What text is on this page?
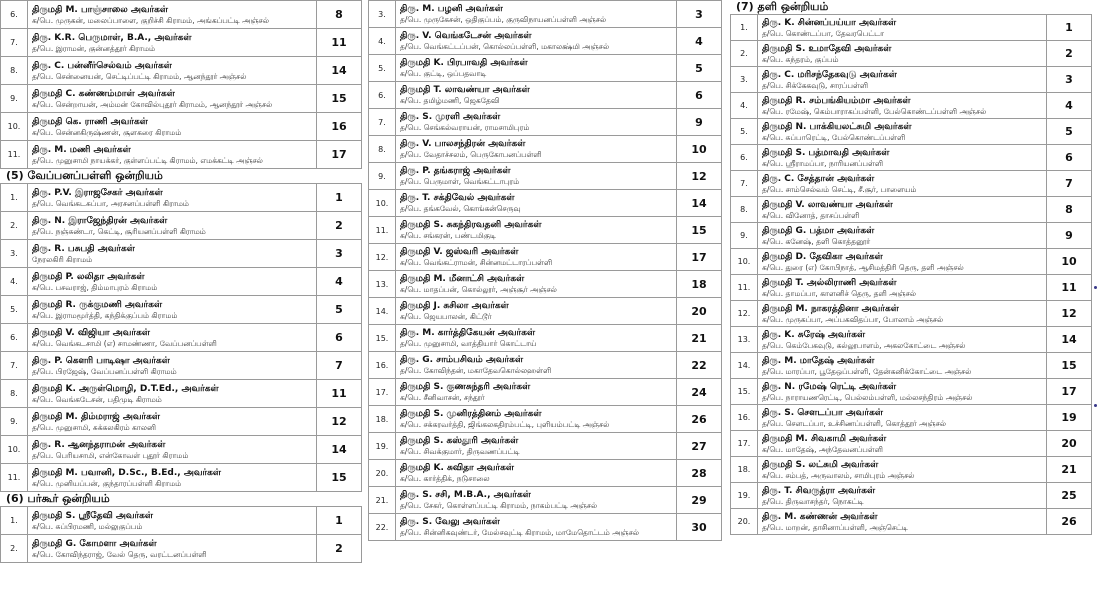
6.	திருமதி M. பாஞ்சாலை அவர்கள்
க/பெ. முருகன், மலைப்பாளை, குறிச்சி கிராமம், அங்கப்பட்டி அஞ்சல்	8
7.	திரு. K.R. பெருமாள், B.A., அவர்கள்
த/பெ. இராமன், குன்னத்தூர் கிராமம்	11
8.	திரு. C. பன்னீர்செல்வம் அவர்கள்
த/பெ. சென்னையன், செட்டிப்பட்டி கிராமம், ஆனந்தூர் அஞ்சல்	14
9.	திருமதி C. கண்ணம்மாள் அவர்கள்
க/பெ. சென்றாயன், அம்மன் கோவில்புதூர் கிராமம், ஆனந்தூர் அஞ்சல்	15
10.	திருமதி கெ. ராணி அவர்கள்
க/பெ. சென்னகிருஷ்ணன், சூளகரை கிராமம்	16
11.	திரு. M. மணி அவர்கள்
த/பெ. முனுசாமி நாயக்கர், குள்ளப்பட்டி கிராமம், எமக்கட்டி அஞ்சல்	17
(5) வேப்பனப்பள்ளி ஒன்றியம்
1.	திரு. P.V. இராஜசேகர் அவர்கள்
த/பெ. வெங்கடசுப்பா, அரசனப்பள்ளி கிராமம்	1
2.	திரு. N. இராஜேந்திரன் அவர்கள்
த/பெ. நஞ்சுண்டா, கெட்டி, சூரியனப்பள்ளி கிராமம்	2
3.	திரு. R. பசுபதி அவர்கள்
நேரலகிரி கிராமம்	3
4.	திருமதி P. லலிதா அவர்கள்
க/பெ. பசவராஜ், திம்மாபுரம் கிராமம்	4
5.	திருமதி R. ருக்குமணி அவர்கள்
க/பெ. இராமமூர்த்தி, கந்திக்குப்பம் கிராமம்	5
6.	திருமதி V. விஜியா அவர்கள்
க/பெ. வெங்கடசாமி (எ) சாமண்ணா, வேப்பனப்பள்ளி	6
7.	திரு. P. கௌரி பாடிஷா அவர்கள்
த/பெ. பிரஜேஷ், வேப்பனப்பள்ளி கிராமம்	7
8.	திருமதி K. அருள்மொழி, D.T.Ed., அவர்கள்
க/பெ. வெங்கடேசன், பதிமுடி கிராமம்	11
9.	திருமதி M. திம்மராஜ் அவர்கள்
த/பெ. முனுசாமி, சுக்கலகிரம் காலனி	12
10.	திரு. R. ஆனந்தராமன் அவர்கள்
த/பெ. பெரியசாமி, என்கோவள் புதூர் கிராமம்	14
11.	திருமதி M. பவானி, D.Sc., B.Ed., அவர்கள்
க/பெ. முனியப்பன், குந்தாரப்பள்ளி கிராமம்	15
(6) பர்கூர் ஒன்றியம்
1.	திருமதி S. ஸ்ரீதேவி அவர்கள்
க/பெ. சுப்பிரமணி, மல்லுகுப்பம்	1
2.	திருமதி G. கோமளா அவர்கள்
க/பெ. கோவிந்தராஜ், வேல் தெரு, வரட்டனப்பள்ளி	2
3.	திரு. M. பழனி அவர்கள்
த/பெ. முருகேசன், ஒதிகுப்பம், குருவிநாயனப்பள்ளி அஞ்சல்	3
4.	திரு. V. வெங்கடேசன் அவர்கள்
த/பெ. வெங்கட்டப்பன், கொல்லப்பள்ளி, மகாலக்ஷ்மி அஞ்சல்	4
5.	திருமதி K. பிரபாவதி அவர்கள்
க/பெ. குட்டி, ஒப்பதவாடி	5
6.	திருமதி T. லாவண்யா அவர்கள்
க/பெ. தமிழ்மணி, ஜெகதேவி	6
7.	திரு. S. முரளி அவர்கள்
த/பெ. செங்கல்வராயன், ராமசாமிபுரம்	9
8.	திரு. V. பாலசந்திரன் அவர்கள்
த/பெ. வேதாச்சலம், பெருகோபனப்பள்ளி	10
9.	திரு. P. தங்கராஜ் அவர்கள்
த/பெ. பெருமாள், வெங்கட்டாபுரம்	12
10.	திரு. T. சக்திவேல் அவர்கள்
த/பெ. தங்கவேல், கொங்கன்செருவு	14
11.	திருமதி S. சுகந்திரவதனி அவர்கள்
க/பெ. சங்கரன், பண்டமிகுடி	15
12.	திருமதி V. ஜஸ்வரி அவர்கள்
க/பெ. வெங்கட்ராமன், சின்னமட்டாரப்பள்ளி	17
13.	திருமதி M. மீனாட்சி அவர்கள்
க/பெ. மாதப்பன், கொல்லூர், அஞ்சூர் அஞ்சல்	18
14.	திருமதி J. சுசிலா அவர்கள்
க/பெ. ஜெயபாலன், கிட்டூர்	20
15.	திரு. M. கார்த்திகேயன் அவர்கள்
த/பெ. முனுசாமி, வாத்தியார் கொட்டாய்	21
16.	திரு. G. சாம்பசிவம் அவர்கள்
த/பெ. கோவிந்தன், மகாதேவகொல்லஹள்ளி	22
17.	திருமதி S. குணசுந்தரி அவர்கள்
க/பெ. சீனிவாசன், சந்தூர்	24
18.	திருமதி S. முனிரத்தினம் அவர்கள்
க/பெ. சக்கரவர்த்தி, ஜிங்கலகதிரம்பட்டி, புளியம்பட்டி அஞ்சல்	26
19.	திருமதி S. கஸ்தூரி அவர்கள்
க/பெ. சிவக்குமார், திருவணப்பட்டி	27
20.	திருமதி K. சுவிதா அவர்கள்
க/பெ. கார்த்திக், நடுசாலை	28
21.	திரு. S. சசி, M.B.A., அவர்கள்
த/பெ. சேகர், கொள்ளப்பட்டி கிராமம், நாகம்பட்டி அஞ்சல்	29
22.	திரு. S. வேலு அவர்கள்
த/பெ. சின்னிகவுண்டர், மேல்சவுட்டி கிராமம், மாமேதொட்டம் அஞ்சல்	30
(7) தளி ஒன்றியம்
1.	திரு. K. சின்னப்பய்யா அவர்கள்
த/பெ. கொண்டப்பா, தேவரபெட்டா	1
2.	திருமதி S. உமாதேவி அவர்கள்
க/பெ. சுந்தரம், குப்பம்	2
3.	திரு. C. மரிசந்தேகவுடு அவர்கள்
த/பெ. சிக்கேகவுடு, சாரப்பள்ளி	3
4.	திருமதி R. சம்பங்கியம்மா அவர்கள்
க/பெ. ரமேஷ், கெம்பாராகப்பள்ளி, பேல்கொண்டப்பள்ளி அஞ்சல்	4
5.	திருமதி N. பாக்கியலட்சுமி அவர்கள்
க/பெ. சுப்பாரெட்டி, பேல்கொண்டப்பள்ளி	5
6.	திருமதி S. பத்மாவதி அவர்கள்
க/பெ. ஸ்ரீராமப்பா, நாரியனப்பள்ளி	6
7.	திரு. C. சேத்தான் அவர்கள்
த/பெ. சாம்செல்வம் செட்டி, சீ.சூர், பாளையம்	7
8.	திருமதி V. லாவண்யா அவர்கள்
க/பெ. வினோத், தாசப்பள்ளி	8
9.	திருமதி G. பத்மா அவர்கள்
க/பெ. கனேஷ், தளி கொத்தனூர்	9
10.	திருமதி D. தேவிகா அவர்கள்
க/பெ. துரை (எ) கோபிநாத், ஆசிமத்திரி தெரு, தளி அஞ்சல்	10
11.	திருமதி T. அல்லிராணி அவர்கள்
க/பெ. தாமப்பா, காளனிச் தெரு, தளி அஞ்சல்	11
12.	திருமதி M. நாகரத்தினா அவர்கள்
க/பெ. முருகப்பா, அப்பகவிதப்பா, போலாம் அஞ்சல்	12
13.	திரு. K. சுரேஷ் அவர்கள்
த/பெ. கெம்பேகவுடு, கல்லூபாளம், அகலகோட்டை அஞ்சல்	14
14.	திரு. M. மாதேஷ் அவர்கள்
த/பெ. மாரப்பா, பூதேஒப்பள்ளி, தேன்கனிக்கோட்டை அஞ்சல்	15
15.	திரு. N. ரமேஷ் ரெட்டி அவர்கள்
த/பெ. நாராயணரெட்டி, பெல்லம்பள்ளி, மல்லசந்திரம் அஞ்சல்	17
16.	திரு. S. சௌடப்பா அவர்கள்
த/பெ. சௌடப்பா, உச்சிணப்பள்ளி, கொத்தூர் அஞ்சல்	19
17.	திருமதி M. சிவகாமி அவர்கள்
க/பெ. மாதேஷ், அந்தேவனப்பள்ளி	20
18.	திருமதி S. லட்சுமி அவர்கள்
க/பெ. சம்பத், அருவாலம், சாமிபுரம் அஞ்சல்	21
19.	திரு. T. சிவருத்ரா அவர்கள்
த/பெ. திருவாசந்தர், நொகட்டி	25
20.	திரு. M. கண்ணன் அவர்கள்
த/பெ. மாறன், தாசினாப்பள்ளி, அஞ்செட்டி	26
